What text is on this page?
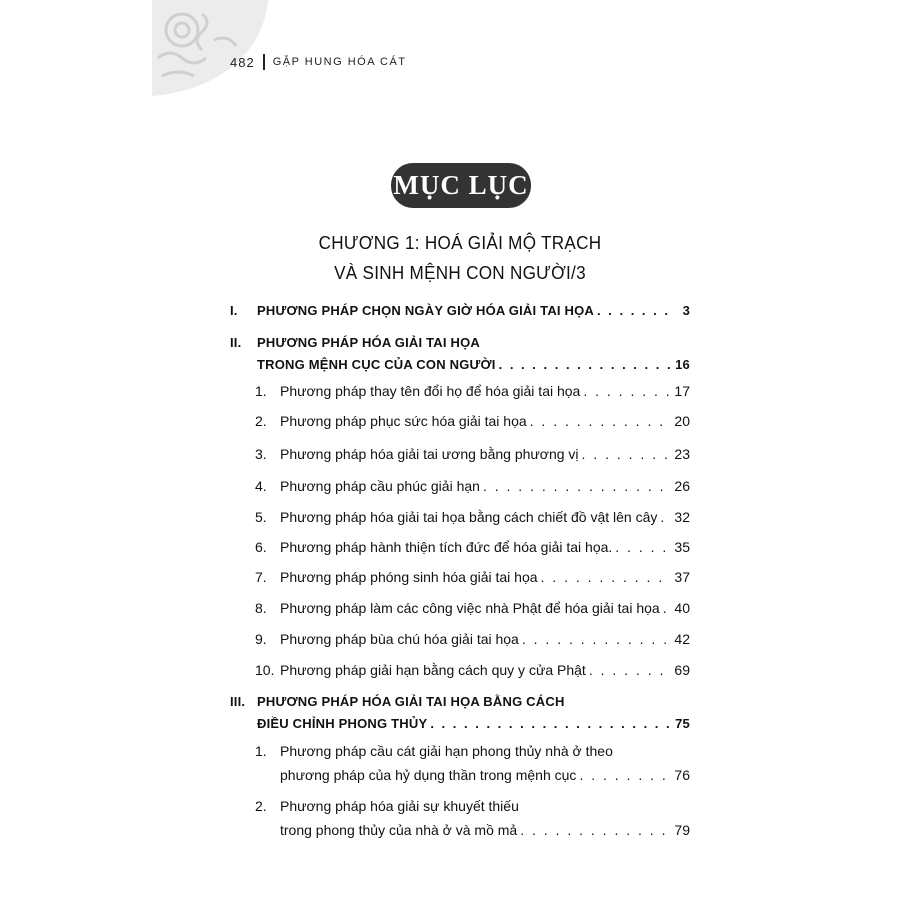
482 GẶP HUNG HÓA CÁT
MỤC LỤC
CHƯƠNG 1: HOÁ GIẢI MỘ TRẠCH
VÀ SINH MỆNH CON NGƯỜI/3
I.	PHƯƠNG PHÁP CHỌN NGÀY GIỜ HÓA GIẢI TAI HỌA . . .	3
II. PHƯƠNG PHÁP HÓA GIẢI TAI HỌA
TRONG MỆNH CỤC CỦA CON NGƯỜI . . .	16
1. Phương pháp thay tên đổi họ để hóa giải tai họa . . .	17
2. Phương pháp phục sức hóa giải tai họa . . .	20
3. Phương pháp hóa giải tai ương bằng phương vị . . .	23
4. Phương pháp cầu phúc giải hạn . . .	26
5. Phương pháp hóa giải tai họa bằng cách chiết đồ vật lên cây . . . 32
6. Phương pháp hành thiện tích đức để hóa giải tai họa. . . .	35
7. Phương pháp phóng sinh hóa giải tai họa . . .	37
8. Phương pháp làm các công việc nhà Phật để hóa giải tai họa . . . 40
9. Phương pháp bùa chú hóa giải tai họa . . .	42
10. Phương pháp giải hạn bằng cách quy y cửa Phật . . .	69
III. PHƯƠNG PHÁP HÓA GIẢI TAI HỌA BẰNG CÁCH
ĐIỀU CHỈNH PHONG THỦY . . .	75
1. Phương pháp cầu cát giải hạn phong thủy nhà ở theo
phương pháp của hỷ dụng thần trong mệnh cục . . .	76
2. Phương pháp hóa giải sự khuyết thiếu
trong phong thủy của nhà ở và mồ mả . . .	79
